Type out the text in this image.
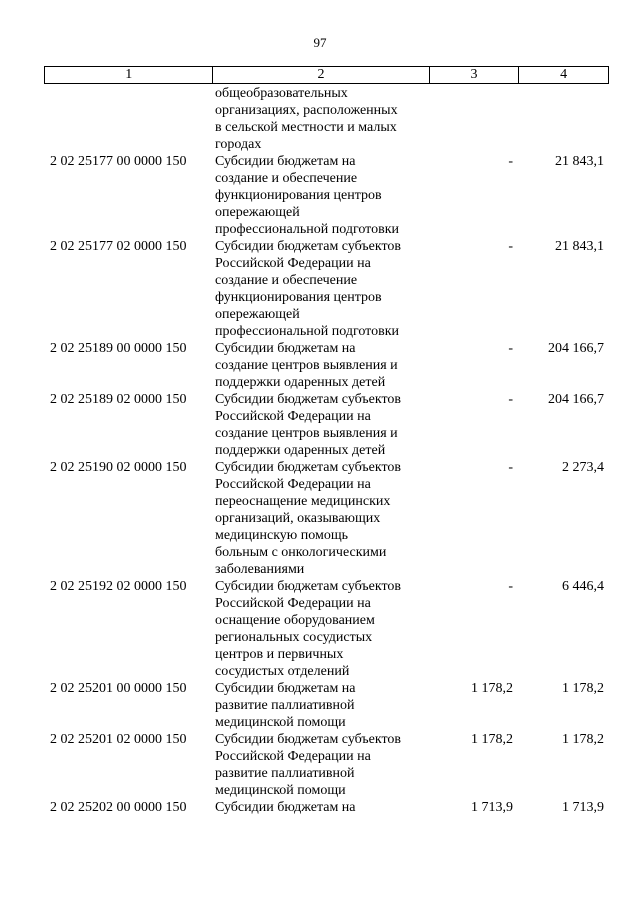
97
1	2	3	4
общеобразовательных
организациях, расположенных
в сельской местности и малых
городах
2 02 25177 00 0000 150	Субсидии бюджетам на
создание и обеспечение
функционирования центров
опережающей
профессиональной подготовки
-	21 843,1
2 02 25177 02 0000 150	Субсидии бюджетам субъектов
Российской Федерации на
создание и обеспечение
функционирования центров
опережающей
профессиональной подготовки
-	21 843,1
2 02 25189 00 0000 150	Субсидии бюджетам на
создание центров выявления и
поддержки одаренных детей
-	204 166,7
2 02 25189 02 0000 150	Субсидии бюджетам субъектов
Российской Федерации на
создание центров выявления и
поддержки одаренных детей
-	204 166,7
2 02 25190 02 0000 150	Субсидии бюджетам субъектов
Российской Федерации на
переоснащение медицинских
организаций, оказывающих
медицинскую помощь
больным с онкологическими
заболеваниями
-	2 273,4
2 02 25192 02 0000 150	Субсидии бюджетам субъектов
Российской Федерации на
оснащение оборудованием
региональных сосудистых
центров и первичных
сосудистых отделений
-	6 446,4
2 02 25201 00 0000 150	Субсидии бюджетам на
развитие паллиативной
медицинской помощи
1 178,2	1 178,2
2 02 25201 02 0000 150	Субсидии бюджетам субъектов
Российской Федерации на
развитие паллиативной
медицинской помощи
1 178,2	1 178,2
2 02 25202 00 0000 150	Субсидии бюджетам на	1 713,9	1 713,9
